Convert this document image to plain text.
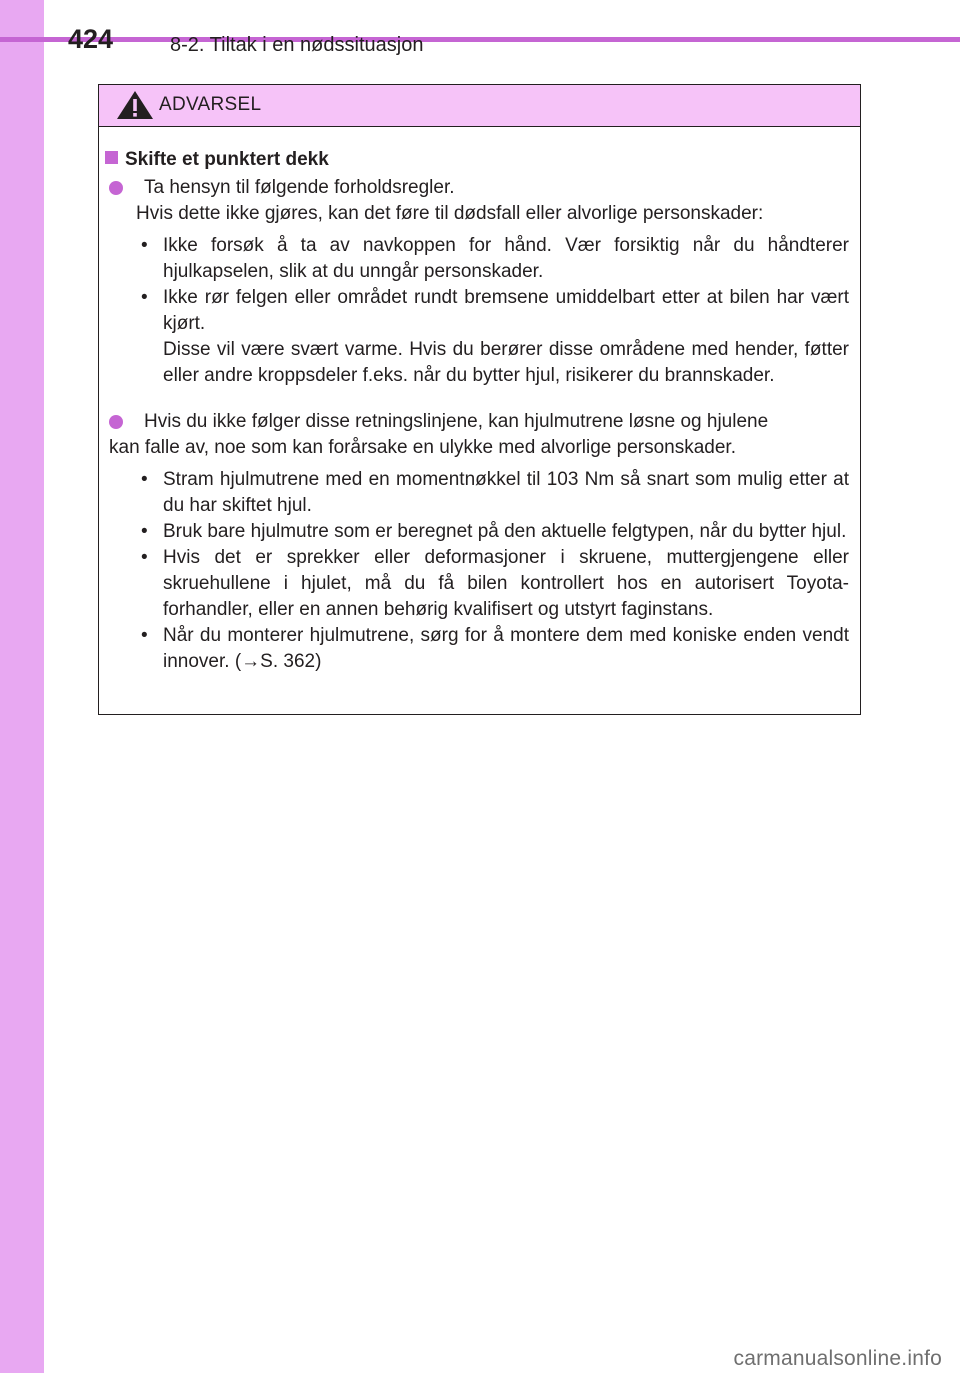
424	8-2. Tiltak i en nødssituasjon
ADVARSEL
Skifte et punktert dekk
Ta hensyn til følgende forholdsregler.
Hvis dette ikke gjøres, kan det føre til dødsfall eller alvorlige personskader:
• Ikke forsøk å ta av navkoppen for hånd. Vær forsiktig når du håndterer hjulkapselen, slik at du unngår personskader.

• Ikke rør felgen eller området rundt bremsene umiddelbart etter at bilen har vært kjørt.

Disse vil være svært varme. Hvis du berører disse områdene med hender, føtter eller andre kroppsdeler f.eks. når du bytter hjul, risikerer du brannskader.

Hvis du ikke følger disse retningslinjene, kan hjulmutrene løsne og hjulene
kan falle av, noe som kan forårsake en ulykke med alvorlige personskader.
• Stram hjulmutrene med en momentnøkkel til 103 Nm så snart som mulig etter at du har skiftet hjul.

• Bruk bare hjulmutre som er beregnet på den aktuelle felgtypen, når du bytter hjul.

• Hvis det er sprekker eller deformasjoner i skruene, muttergjengene eller skruehullene i hjulet, må du få bilen kontrollert hos en autorisert Toyota-forhandler, eller en annen behørig kvalifisert og utstyrt faginstans.

• Når du monterer hjulmutrene, sørg for å montere dem med koniske enden vendt innover. (→S. 362)

carmanualsonline.info
